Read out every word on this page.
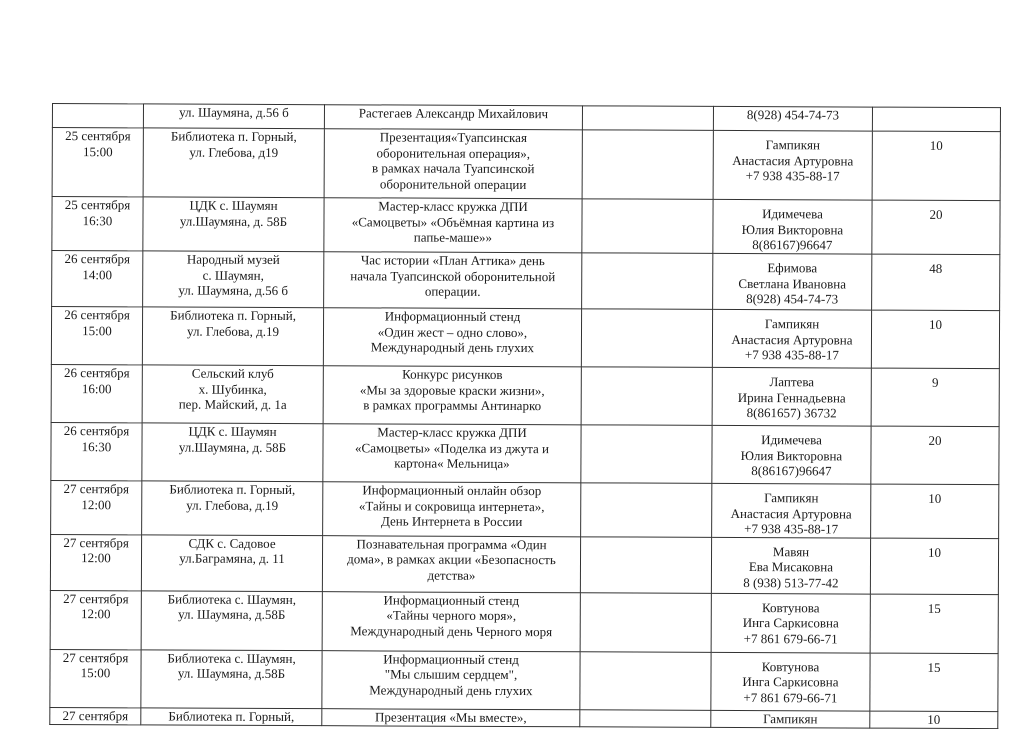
	ул. Шаумяна, д.56 б	Растегаев Александр Михайлович		8(928) 454-74-73	
25 сентября
15:00	Библиотека п. Горный,
ул. Глебова, д19	Презентация«Туапсинская
оборонительная операция»,
в рамках начала Туапсинской
оборонительной операции		Гампикян
Анастасия Артуровна
+7 938 435-88-17	10
25 сентября
16:30	ЦДК с. Шаумян
ул.Шаумяна, д. 58Б	Мастер-класс кружка ДПИ
«Самоцветы» «Объёмная картина из
папье-маше»»		Идимечева
Юлия Викторовна
8(86167)96647	20
26 сентября
14:00	Народный музей
с. Шаумян,
ул. Шаумяна, д.56 б	Час истории «План Аттика» день
начала Туапсинской оборонительной
операции.		Ефимова
Светлана Ивановна
8(928) 454-74-73	48
26 сентября
15:00	Библиотека п. Горный,
ул. Глебова, д.19	Информационный стенд
«Один жест – одно слово»,
Международный день глухих		Гампикян
Анастасия Артуровна
+7 938 435-88-17	10
26 сентября
16:00	Сельский клуб
х. Шубинка,
пер. Майский, д. 1а	Конкурс рисунков
«Мы за здоровые краски жизни»,
в рамках программы Антинарко		Лаптева
Ирина Геннадьевна
8(861657) 36732	9
26 сентября
16:30	ЦДК с. Шаумян
ул.Шаумяна, д. 58Б	Мастер-класс кружка ДПИ
«Самоцветы» «Поделка из джута и
картона« Мельница»		Идимечева
Юлия Викторовна
8(86167)96647	20
27 сентября
12:00	Библиотека п. Горный,
ул. Глебова, д.19	Информационный онлайн обзор
«Тайны и сокровища интернета»,
День Интернета в России		Гампикян
Анастасия Артуровна
+7 938 435-88-17	10
27 сентября
12:00	СДК с. Садовое
ул.Баграмяна, д. 11	Познавательная программа «Один
дома», в рамках акции «Безопасность
детства»		Мавян
Ева Мисаковна
8 (938) 513-77-42	10
27 сентября
12:00	Библиотека с. Шаумян,
ул. Шаумяна, д.58Б	Информационный стенд
«Тайны черного моря»,
Международный день Черного моря		Ковтунова
Инга Саркисовна
+7 861 679-66-71	15
27 сентября
15:00	Библиотека с. Шаумян,
ул. Шаумяна, д.58Б	Информационный стенд
"Мы слышим сердцем",
Международный день глухих		Ковтунова
Инга Саркисовна
+7 861 679-66-71	15
27 сентября	Библиотека п. Горный,	Презентация «Мы вместе»,		Гампикян	10
